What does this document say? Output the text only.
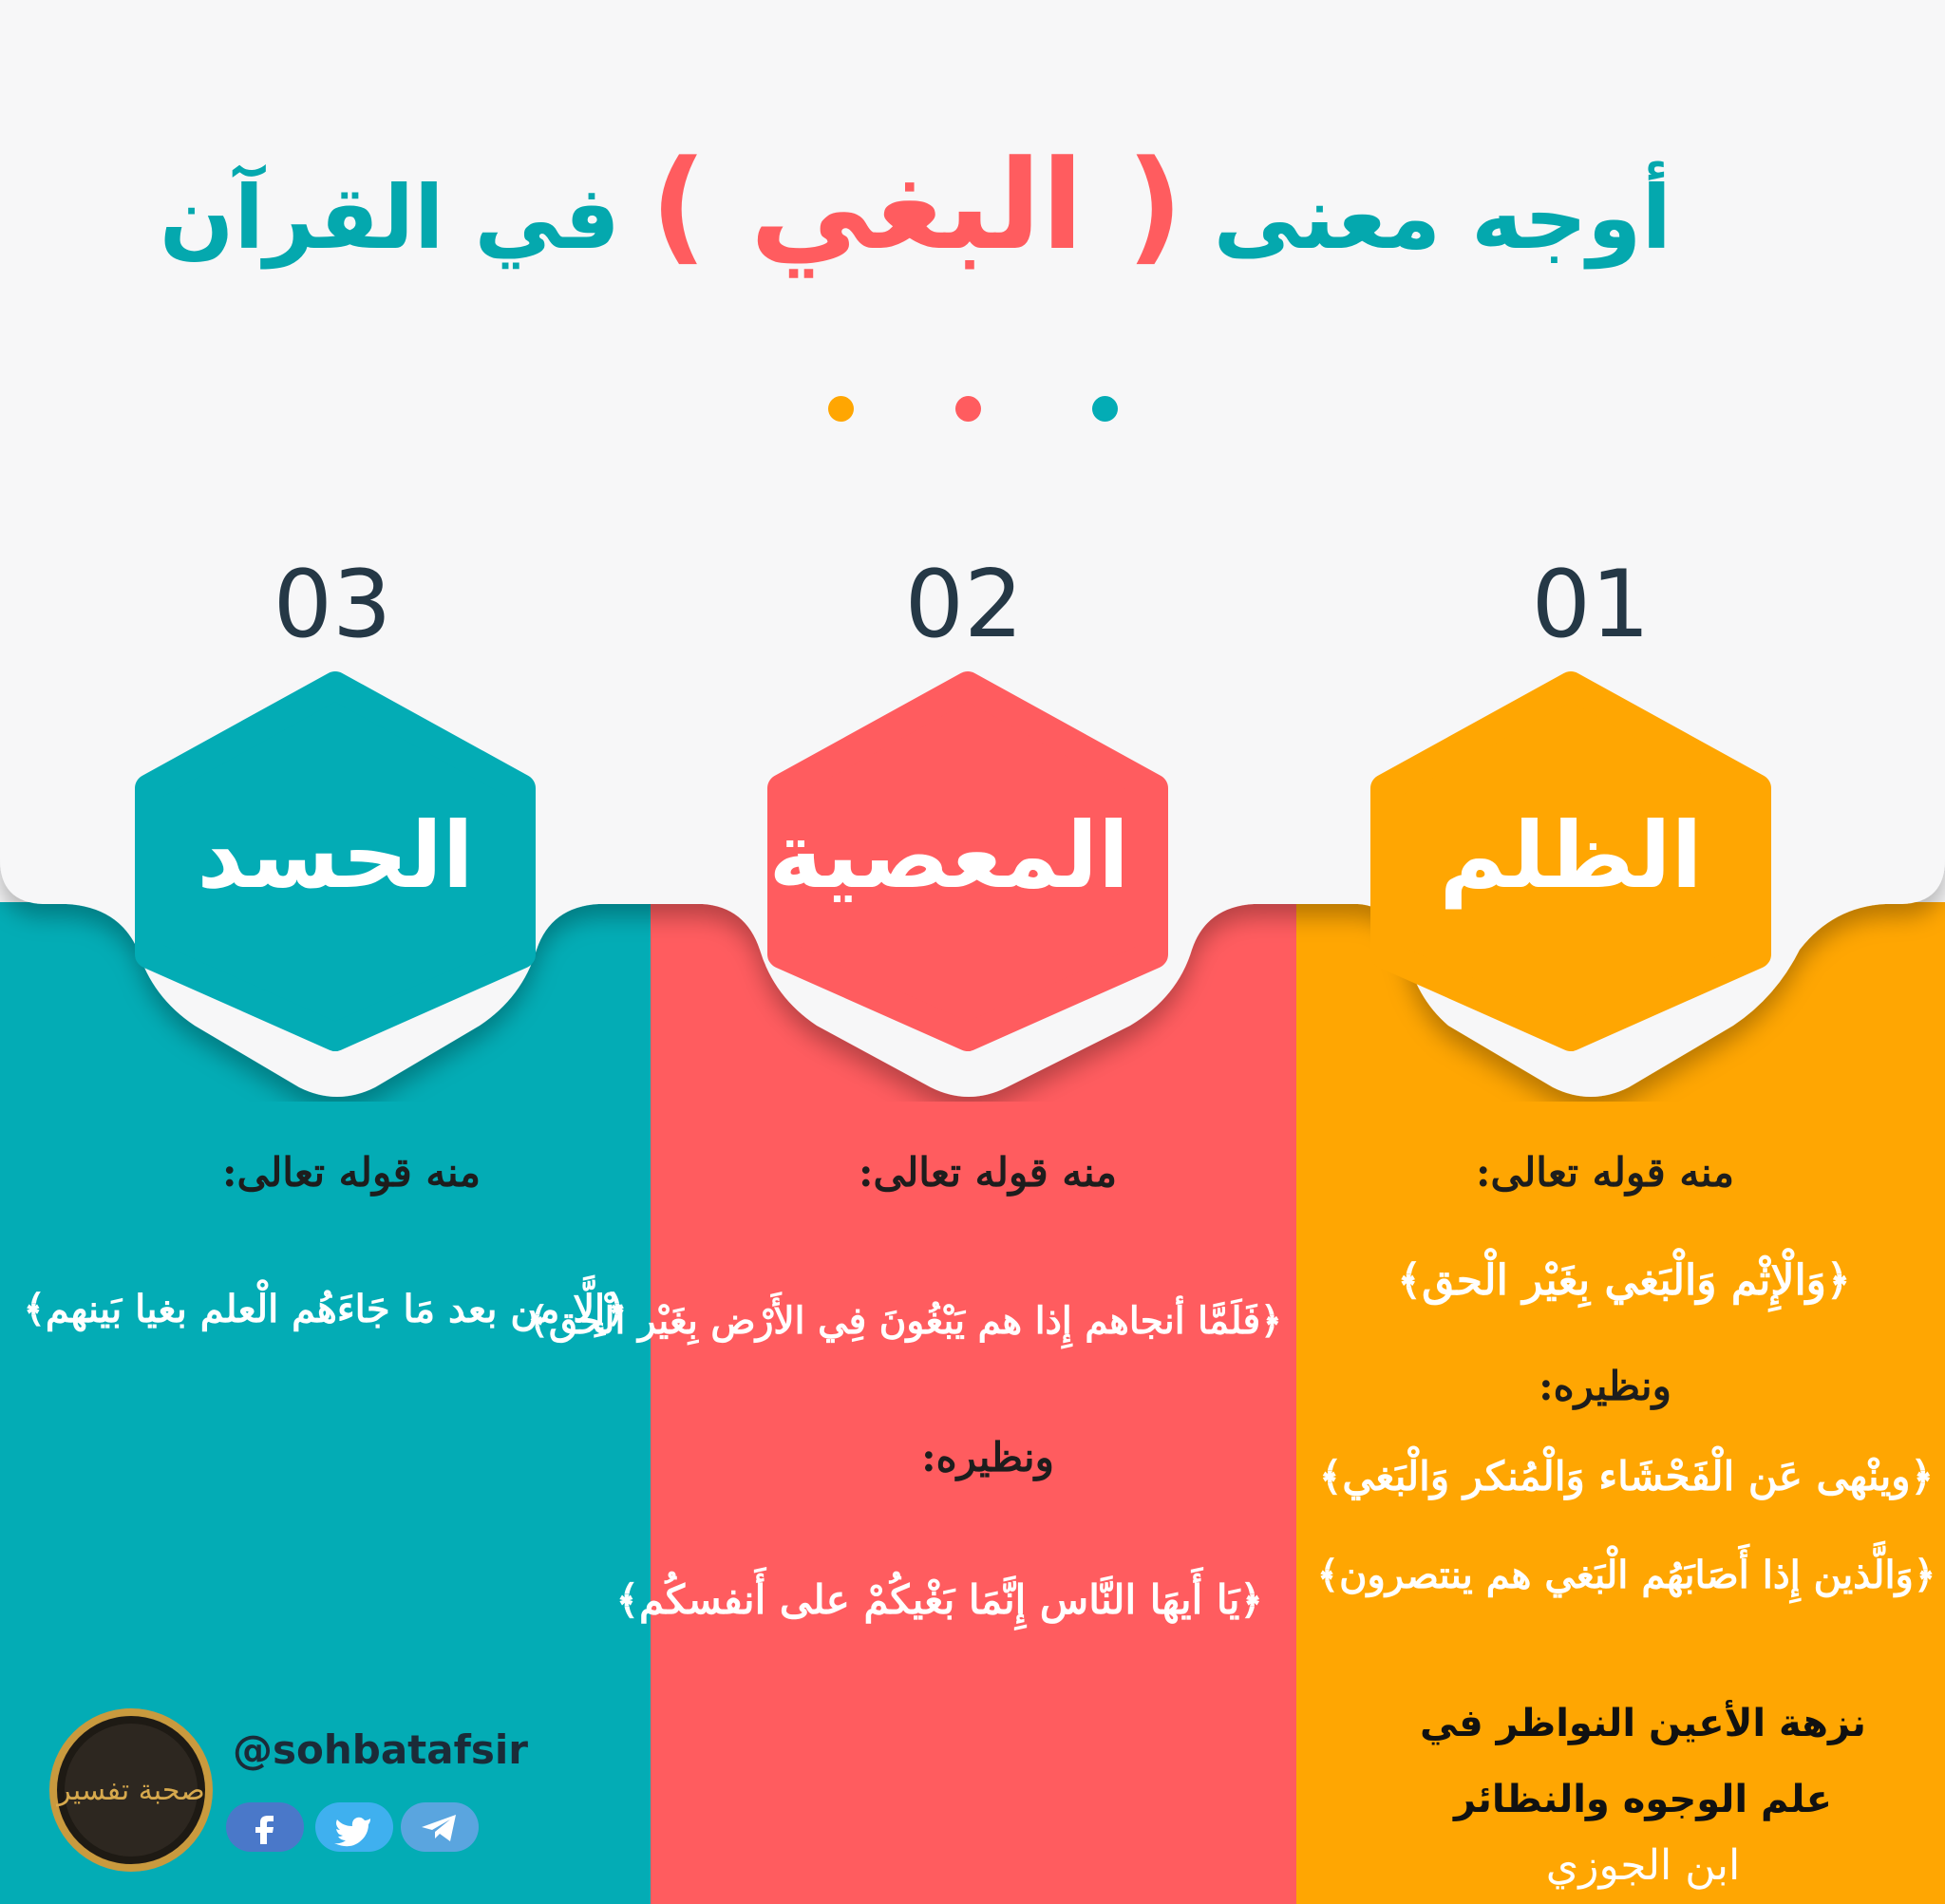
أوجه معنى ( البغي ) في القرآن
01
02
03
الظلم
المعصية
الحسد
منه قوله تعالى:
﴿وَالْإِثْم وَالْبَغي بِغَيْر الْحق﴾
ونظيره:
﴿وينْهى عَن الْفَحْشَاء وَالْمُنكر وَالْبَغي﴾
﴿وَالَّذين إِذا أَصَابَهُم الْبَغي هم ينتصرون﴾
منه قوله تعالى:
﴿فَلَمَّا أنجاهم إِذا هم يَبْغُونَ فِي الأَرْض بِغَيْر الْحق﴾
ونظيره:
﴿يَا أَيهَا النَّاس إِنَّمَا بَغْيكُمْ على أَنفسكُم﴾
منه قوله تعالى:
﴿إِلَّا من بعد مَا جَاءَهُم الْعلم بغيا بَينهم﴾
نزهة الأعين النواظر في
علم الوجوه والنظائر
ابن الجوزي
صحبة تفسير
@sohbatafsir
